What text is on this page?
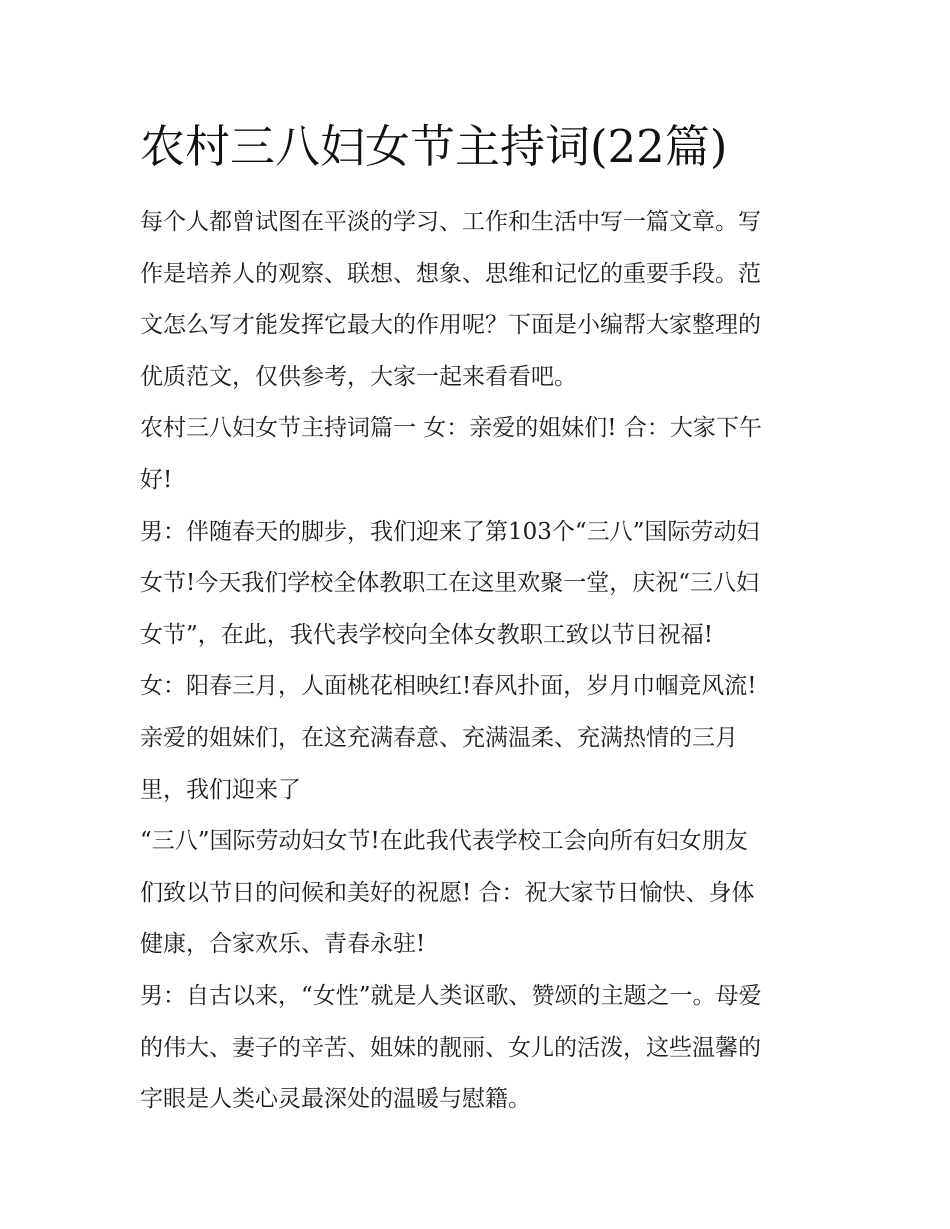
农村三八妇女节主持词(22篇)
每个人都曾试图在平淡的学习、工作和生活中写一篇文章。写
作是培养人的观察、联想、想象、思维和记忆的重要手段。范
文怎么写才能发挥它最大的作用呢？下面是小编帮大家整理的
优质范文，仅供参考，大家一起来看看吧。
农村三八妇女节主持词篇一 女：亲爱的姐妹们! 合：大家下午
好!
男：伴随春天的脚步，我们迎来了第103个“三八”国际劳动妇
女节!今天我们学校全体教职工在这里欢聚一堂，庆祝“三八妇
女节”，在此，我代表学校向全体女教职工致以节日祝福!
女：阳春三月，人面桃花相映红!春风扑面，岁月巾帼竞风流!
亲爱的姐妹们，在这充满春意、充满温柔、充满热情的三月
里，我们迎来了
“三八”国际劳动妇女节!在此我代表学校工会向所有妇女朋友
们致以节日的问候和美好的祝愿! 合：祝大家节日愉快、身体
健康，合家欢乐、青春永驻!
男：自古以来，“女性”就是人类讴歌、赞颂的主题之一。母爱
的伟大、妻子的辛苦、姐妹的靓丽、女儿的活泼，这些温馨的
字眼是人类心灵最深处的温暖与慰籍。
